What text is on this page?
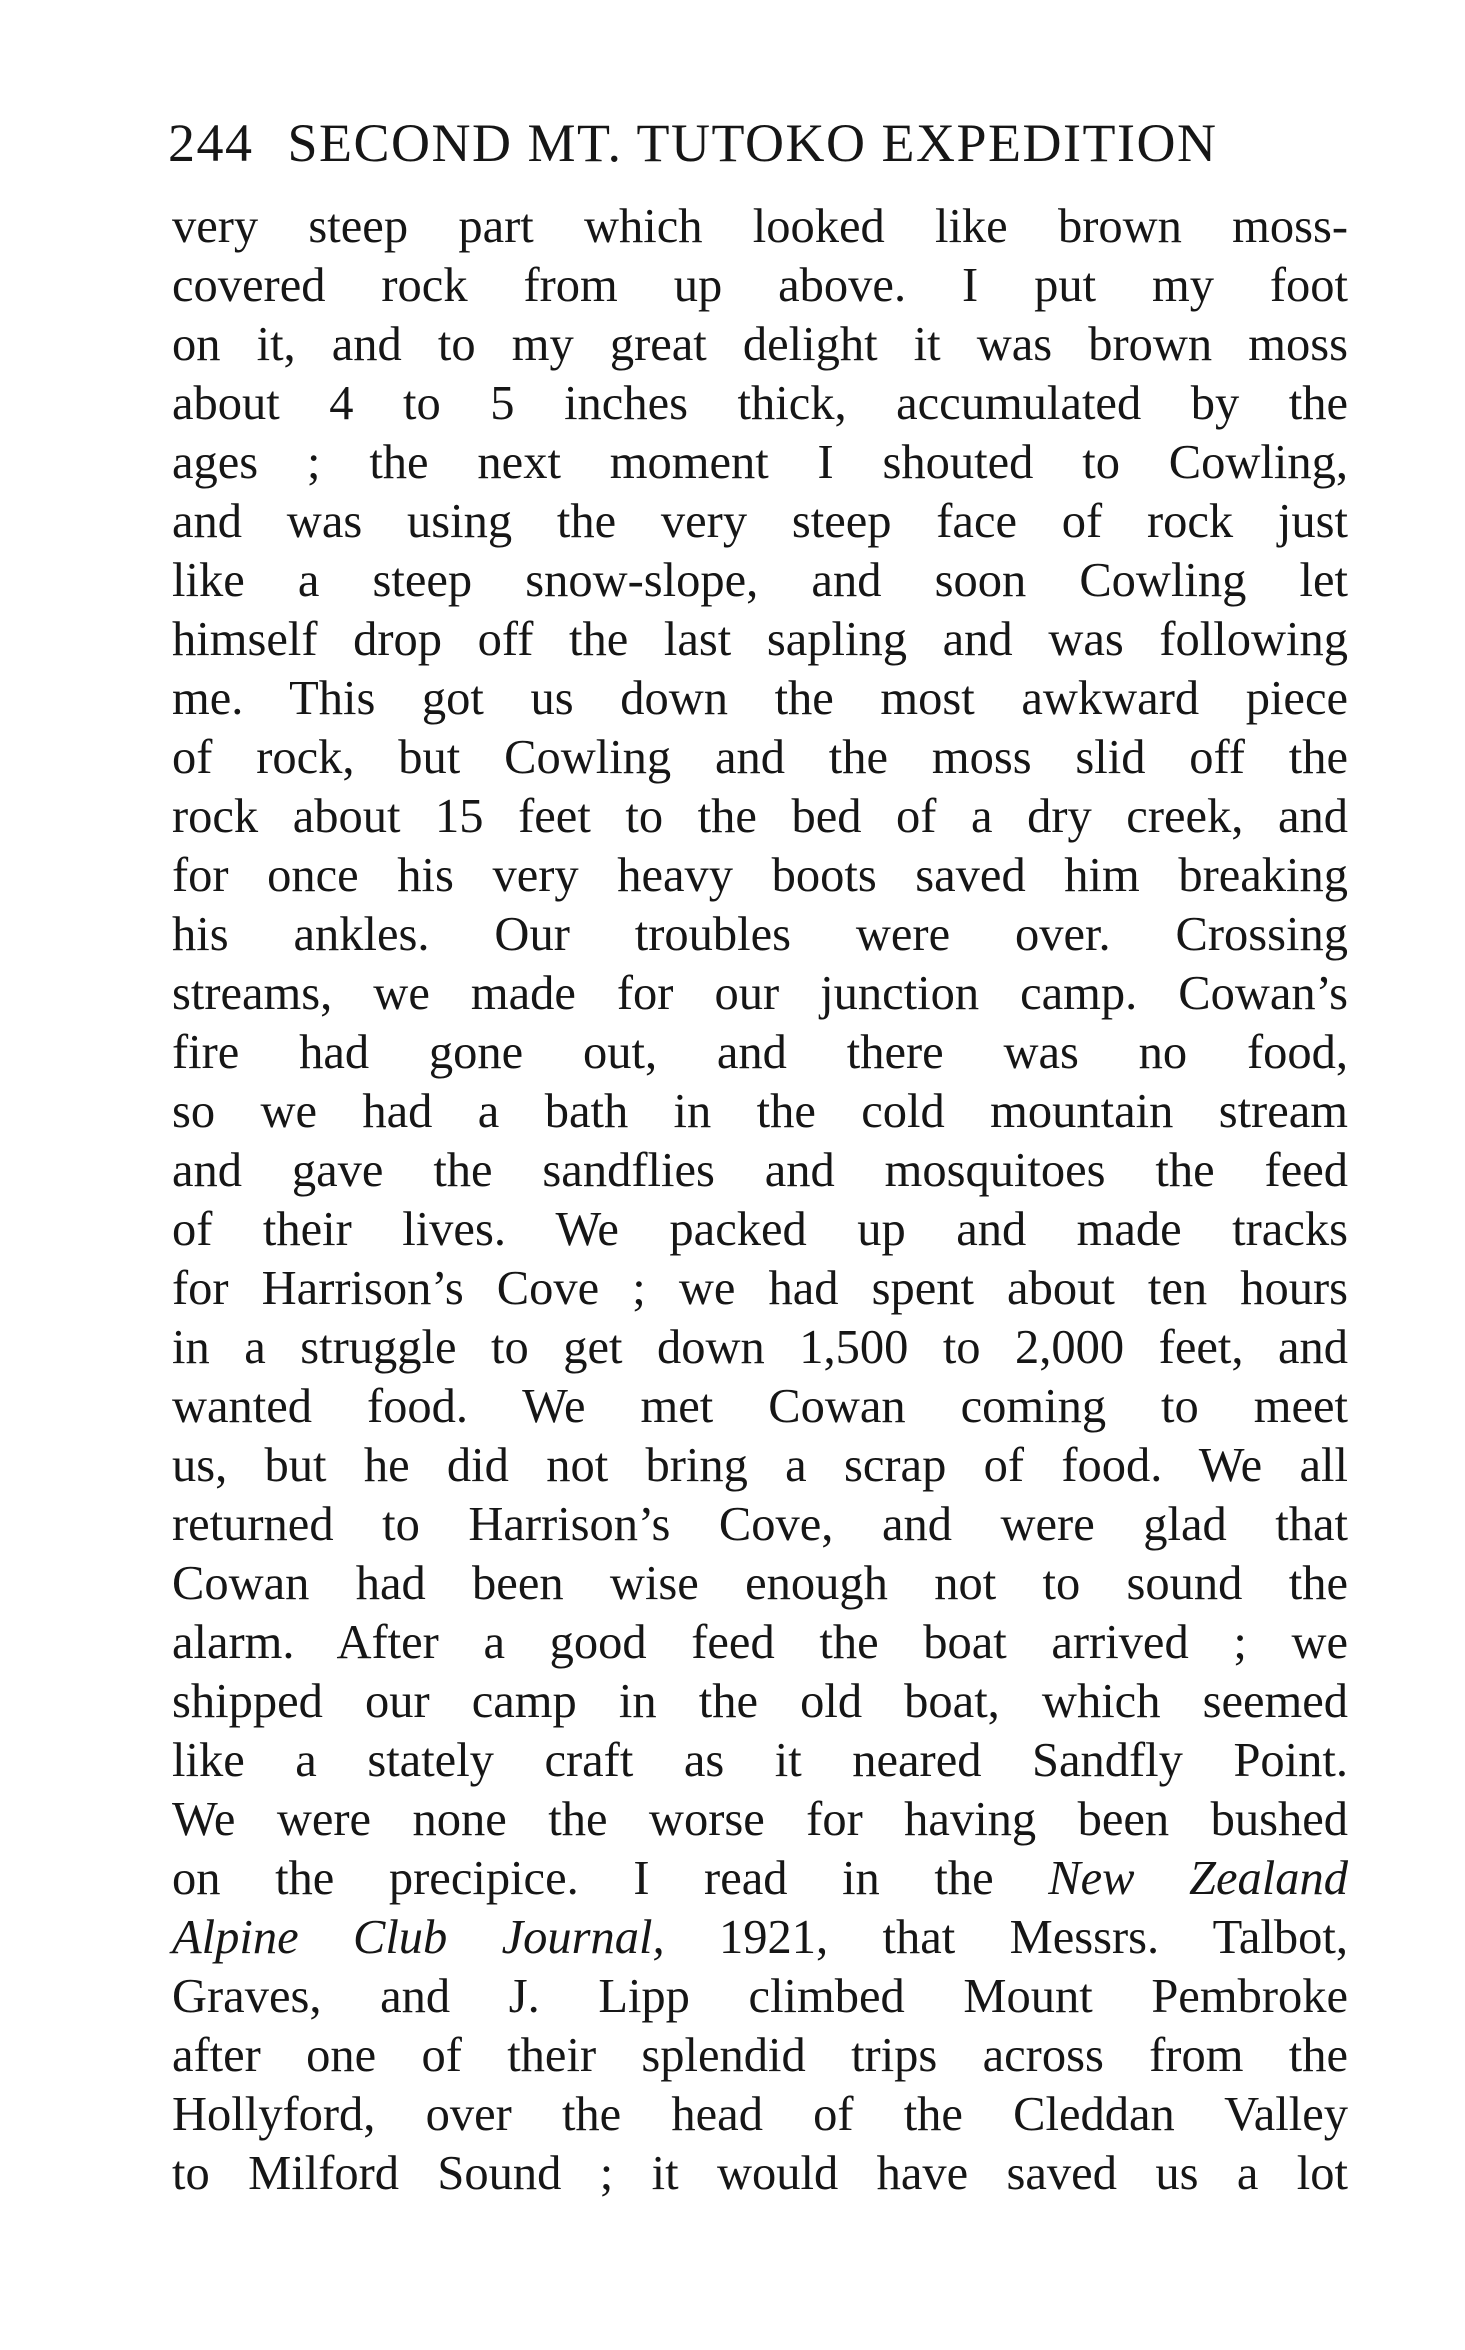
244 SECOND MT. TUTOKO EXPEDITION
very steep part which looked like brown moss-
covered rock from up above. I put my foot
on it, and to my great delight it was brown moss
about 4 to 5 inches thick, accumulated by the
ages ; the next moment I shouted to Cowling,
and was using the very steep face of rock just
like a steep snow-slope, and soon Cowling let
himself drop off the last sapling and was following
me. This got us down the most awkward piece
of rock, but Cowling and the moss slid off the
rock about 15 feet to the bed of a dry creek, and
for once his very heavy boots saved him breaking
his ankles. Our troubles were over. Crossing
streams, we made for our junction camp. Cowan’s
fire had gone out, and there was no food,
so we had a bath in the cold mountain stream
and gave the sandflies and mosquitoes the feed
of their lives. We packed up and made tracks
for Harrison’s Cove ; we had spent about ten hours
in a struggle to get down 1,500 to 2,000 feet, and
wanted food. We met Cowan coming to meet
us, but he did not bring a scrap of food. We all
returned to Harrison’s Cove, and were glad that
Cowan had been wise enough not to sound the
alarm. After a good feed the boat arrived ; we
shipped our camp in the old boat, which seemed
like a stately craft as it neared Sandfly Point.
We were none the worse for having been bushed
on the precipice. I read in the New Zealand
Alpine Club Journal, 1921, that Messrs. Talbot,
Graves, and J. Lipp climbed Mount Pembroke
after one of their splendid trips across from the
Hollyford, over the head of the Cleddan Valley
to Milford Sound ; it would have saved us a lot
